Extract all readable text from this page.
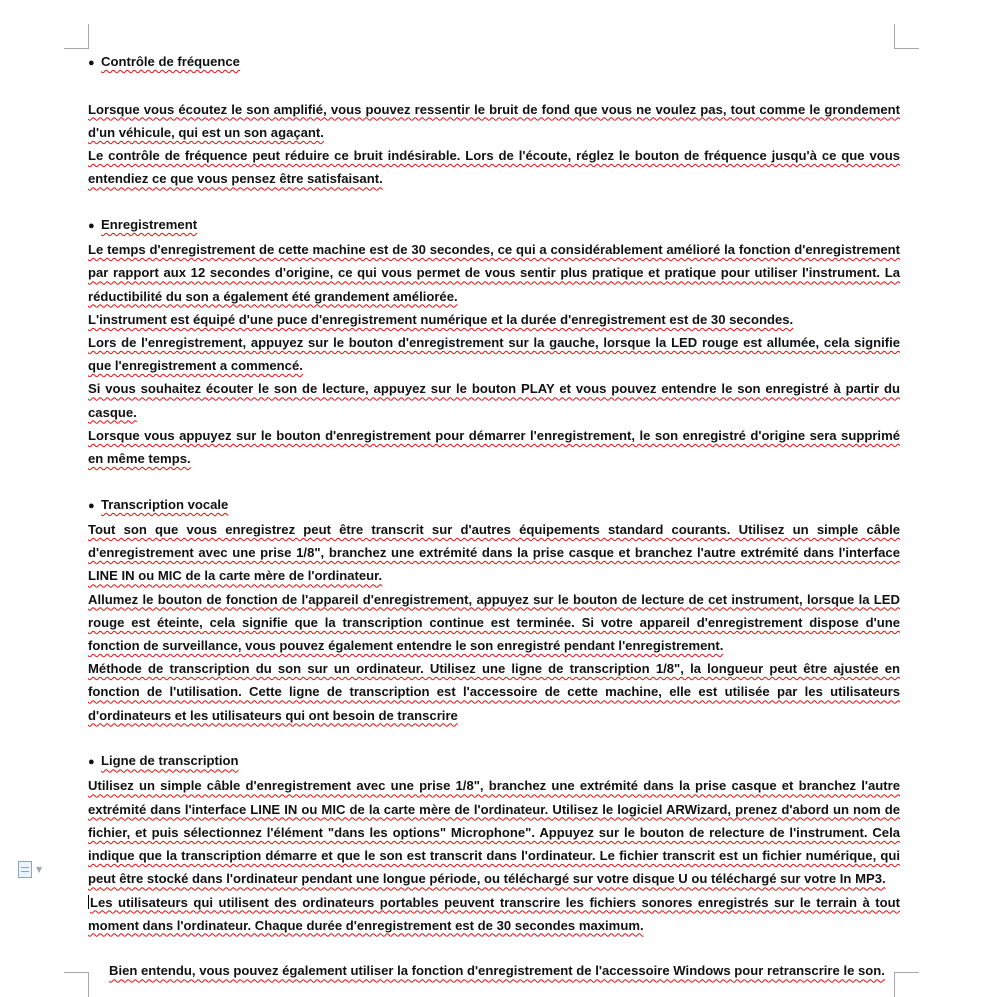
▼

● Contrôle de fréquence

Lorsque vous écoutez le son amplifié, vous pouvez ressentir le bruit de fond que vous ne voulez pas, tout comme le grondement d'un véhicule, qui est un son agaçant.

Le contrôle de fréquence peut réduire ce bruit indésirable. Lors de l'écoute, réglez le bouton de fréquence jusqu'à ce que vous entendiez ce que vous pensez être satisfaisant.

● Enregistrement

Le temps d'enregistrement de cette machine est de 30 secondes, ce qui a considérablement amélioré la fonction d'enregistrement par rapport aux 12 secondes d'origine, ce qui vous permet de vous sentir plus pratique et pratique pour utiliser l'instrument. La réductibilité du son a également été grandement améliorée.

L'instrument est équipé d'une puce d'enregistrement numérique et la durée d'enregistrement est de 30 secondes.

Lors de l'enregistrement, appuyez sur le bouton d'enregistrement sur la gauche, lorsque la LED rouge est allumée, cela signifie que l'enregistrement a commencé.

Si vous souhaitez écouter le son de lecture, appuyez sur le bouton PLAY et vous pouvez entendre le son enregistré à partir du casque.

Lorsque vous appuyez sur le bouton d'enregistrement pour démarrer l'enregistrement, le son enregistré d'origine sera supprimé en même temps.

● Transcription vocale

Tout son que vous enregistrez peut être transcrit sur d'autres équipements standard courants. Utilisez un simple câble d'enregistrement avec une prise 1/8", branchez une extrémité dans la prise casque et branchez l'autre extrémité dans l'interface LINE IN ou MIC de la carte mère de l'ordinateur.

Allumez le bouton de fonction de l'appareil d'enregistrement, appuyez sur le bouton de lecture de cet instrument, lorsque la LED rouge est éteinte, cela signifie que la transcription continue est terminée. Si votre appareil d'enregistrement dispose d'une fonction de surveillance, vous pouvez également entendre le son enregistré pendant l'enregistrement.

Méthode de transcription du son sur un ordinateur. Utilisez une ligne de transcription 1/8", la longueur peut être ajustée en fonction de l'utilisation. Cette ligne de transcription est l'accessoire de cette machine, elle est utilisée par les utilisateurs d'ordinateurs et les utilisateurs qui ont besoin de transcrire

● Ligne de transcription

Utilisez un simple câble d'enregistrement avec une prise 1/8", branchez une extrémité dans la prise casque et branchez l'autre extrémité dans l'interface LINE IN ou MIC de la carte mère de l'ordinateur. Utilisez le logiciel ARWizard, prenez d'abord un nom de fichier, et puis sélectionnez l'élément "dans les options" Microphone". Appuyez sur le bouton de relecture de l'instrument. Cela indique que la transcription démarre et que le son est transcrit dans l'ordinateur. Le fichier transcrit est un fichier numérique, qui peut être stocké dans l'ordinateur pendant une longue période, ou téléchargé sur votre disque U ou téléchargé sur votre In MP3.

Les utilisateurs qui utilisent des ordinateurs portables peuvent transcrire les fichiers sonores enregistrés sur le terrain à tout moment dans l'ordinateur. Chaque durée d'enregistrement est de 30 secondes maximum.

Bien entendu, vous pouvez également utiliser la fonction d'enregistrement de l'accessoire Windows pour retranscrire le son.
